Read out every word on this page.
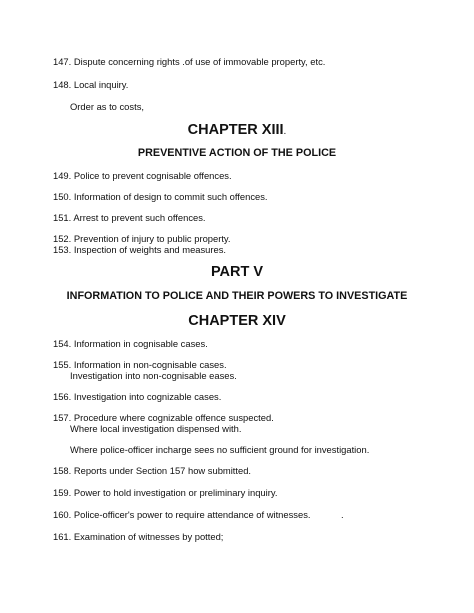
147. Dispute concerning rights .of use of immovable property, etc.
148. Local inquiry.
Order as to costs,
CHAPTER XIII.
PREVENTIVE ACTION OF THE POLICE
149. Police to prevent cognisable offences.
150. Information of design to commit such offences.
151. Arrest to prevent such offences.
152. Prevention of injury to public property.
153. Inspection of weights and measures.
PART V
INFORMATION TO POLICE AND THEIR POWERS TO INVESTIGATE
CHAPTER XIV
154. Information in cognisable cases.
155. Information in non-cognisable cases.
Investigation into non-cognisable eases.
156. Investigation into cognizable cases.
157. Procedure where cognizable offence suspected.
Where local investigation dispensed with.
Where police-officer incharge sees no sufficient ground for investigation.
158. Reports under Section 157 how submitted.
159. Power to hold investigation or preliminary inquiry.
160. Police-officer's power to require attendance of witnesses.	.
161. Examination of witnesses by potted;
